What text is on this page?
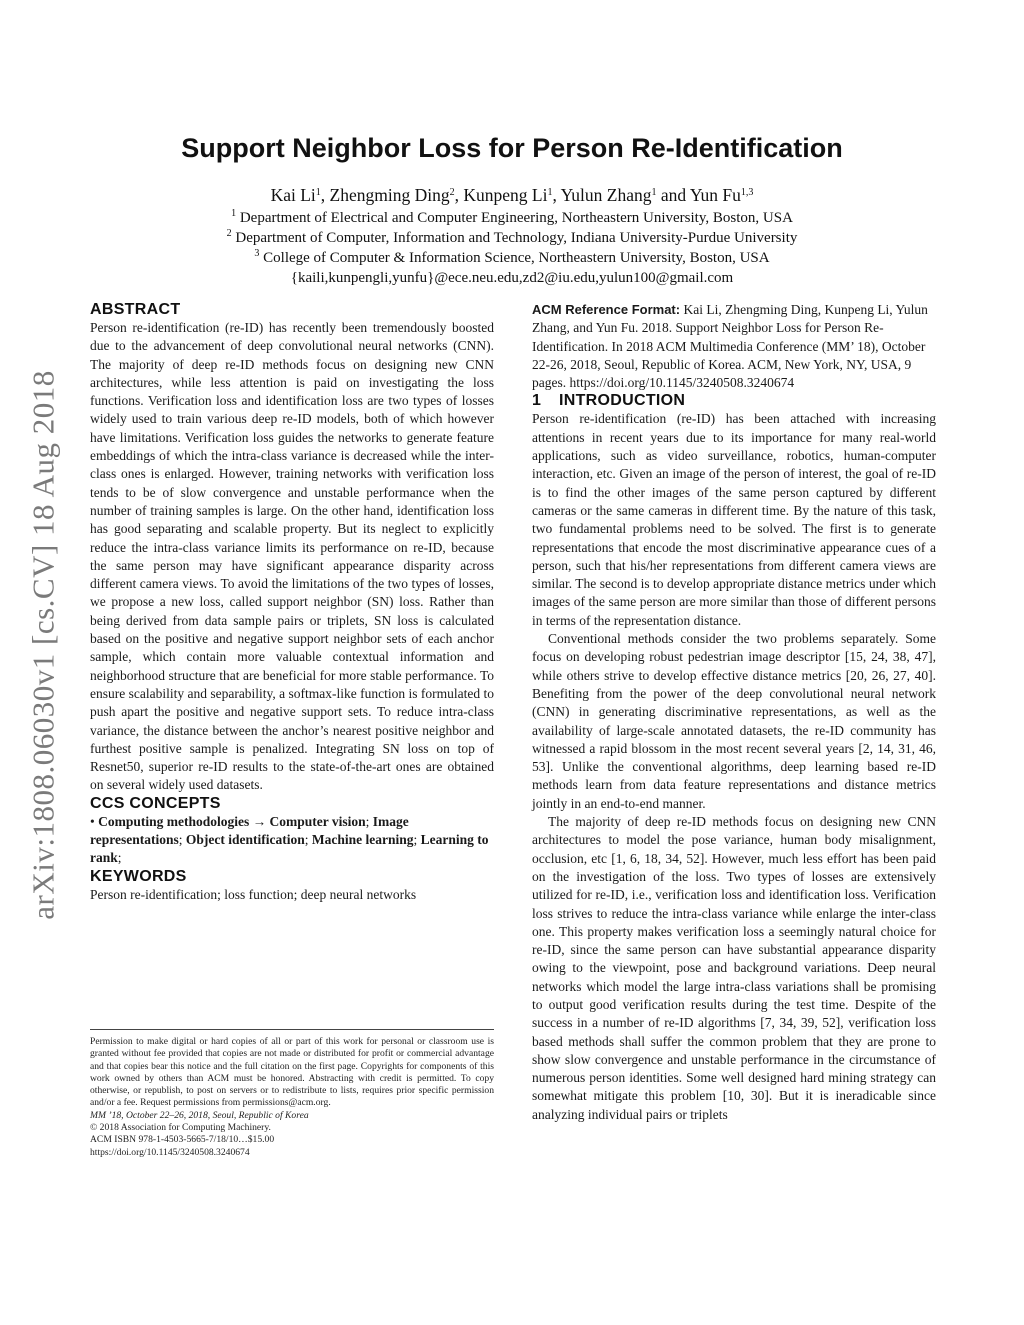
arXiv:1808.06030v1 [cs.CV] 18 Aug 2018
Support Neighbor Loss for Person Re-Identification
Kai Li$^1$, Zhengming Ding$^2$, Kunpeng Li$^1$, Yulun Zhang$^1$ and Yun Fu$^{1,3}$
$^1$ Department of Electrical and Computer Engineering, Northeastern University, Boston, USA
$^2$ Department of Computer, Information and Technology, Indiana University-Purdue University
$^3$ College of Computer & Information Science, Northeastern University, Boston, USA
{kaili,kunpengli,yunfu}@ece.neu.edu,zd2@iu.edu,yulun100@gmail.com
ABSTRACT

Person re-identification (re-ID) has recently been tremendously boosted due to the advancement of deep convolutional neural networks (CNN). The majority of deep re-ID methods focus on designing new CNN architectures, while less attention is paid on investigating the loss functions. Verification loss and identification loss are two types of losses widely used to train various deep re-ID models, both of which however have limitations. Verification loss guides the networks to generate feature embeddings of which the intra-class variance is decreased while the inter-class ones is enlarged. However, training networks with verification loss tends to be of slow convergence and unstable performance when the number of training samples is large. On the other hand, identification loss has good separating and scalable property. But its neglect to explicitly reduce the intra-class variance limits its performance on re-ID, because the same person may have significant appearance disparity across different camera views. To avoid the limitations of the two types of losses, we propose a new loss, called support neighbor (SN) loss. Rather than being derived from data sample pairs or triplets, SN loss is calculated based on the positive and negative support neighbor sets of each anchor sample, which contain more valuable contextual information and neighborhood structure that are beneficial for more stable performance. To ensure scalability and separability, a softmax-like function is formulated to push apart the positive and negative support sets. To reduce intra-class variance, the distance between the anchor’s nearest positive neighbor and furthest positive sample is penalized. Integrating SN loss on top of Resnet50, superior re-ID results to the state-of-the-art ones are obtained on several widely used datasets.

CCS CONCEPTS

• Computing methodologies → Computer vision; Image representations; Object identification; Machine learning; Learning to rank;

KEYWORDS

Person re-identification; loss function; deep neural networks

Permission to make digital or hard copies of all or part of this work for personal or classroom use is granted without fee provided that copies are not made or distributed for profit or commercial advantage and that copies bear this notice and the full citation on the first page. Copyrights for components of this work owned by others than ACM must be honored. Abstracting with credit is permitted. To copy otherwise, or republish, to post on servers or to redistribute to lists, requires prior specific permission and/or a fee. Request permissions from permissions@acm.org.

MM ’18, October 22–26, 2018, Seoul, Republic of Korea
© 2018 Association for Computing Machinery.
ACM ISBN 978-1-4503-5665-7/18/10…$15.00
https://doi.org/10.1145/3240508.3240674

ACM Reference Format: Kai Li, Zhengming Ding, Kunpeng Li, Yulun Zhang, and Yun Fu. 2018. Support Neighbor Loss for Person Re-Identification. In 2018 ACM Multimedia Conference (MM’ 18), October 22-26, 2018, Seoul, Republic of Korea. ACM, New York, NY, USA, 9 pages. https://doi.org/10.1145/3240508.3240674

1 INTRODUCTION

Person re-identification (re-ID) has been attached with increasing attentions in recent years due to its importance for many real-world applications, such as video surveillance, robotics, human-computer interaction, etc. Given an image of the person of interest, the goal of re-ID is to find the other images of the same person captured by different cameras or the same cameras in different time. By the nature of this task, two fundamental problems need to be solved. The first is to generate representations that encode the most discriminative appearance cues of a person, such that his/her representations from different camera views are similar. The second is to develop appropriate distance metrics under which images of the same person are more similar than those of different persons in terms of the representation distance.

Conventional methods consider the two problems separately. Some focus on developing robust pedestrian image descriptor [15, 24, 38, 47], while others strive to develop effective distance metrics [20, 26, 27, 40]. Benefiting from the power of the deep convolutional neural network (CNN) in generating discriminative representations, as well as the availability of large-scale annotated datasets, the re-ID community has witnessed a rapid blossom in the most recent several years [2, 14, 31, 46, 53]. Unlike the conventional algorithms, deep learning based re-ID methods learn from data feature representations and distance metrics jointly in an end-to-end manner.

The majority of deep re-ID methods focus on designing new CNN architectures to model the pose variance, human body misalignment, occlusion, etc [1, 6, 18, 34, 52]. However, much less effort has been paid on the investigation of the loss. Two types of losses are extensively utilized for re-ID, i.e., verification loss and identification loss. Verification loss strives to reduce the intra-class variance while enlarge the inter-class one. This property makes verification loss a seemingly natural choice for re-ID, since the same person can have substantial appearance disparity owing to the viewpoint, pose and background variations. Deep neural networks which model the large intra-class variations shall be promising to output good verification results during the test time. Despite of the success in a number of re-ID algorithms [7, 34, 39, 52], verification loss based methods shall suffer the common problem that they are prone to show slow convergence and unstable performance in the circumstance of numerous person identities. Some well designed hard mining strategy can somewhat mitigate this problem [10, 30]. But it is ineradicable since analyzing individual pairs or triplets
